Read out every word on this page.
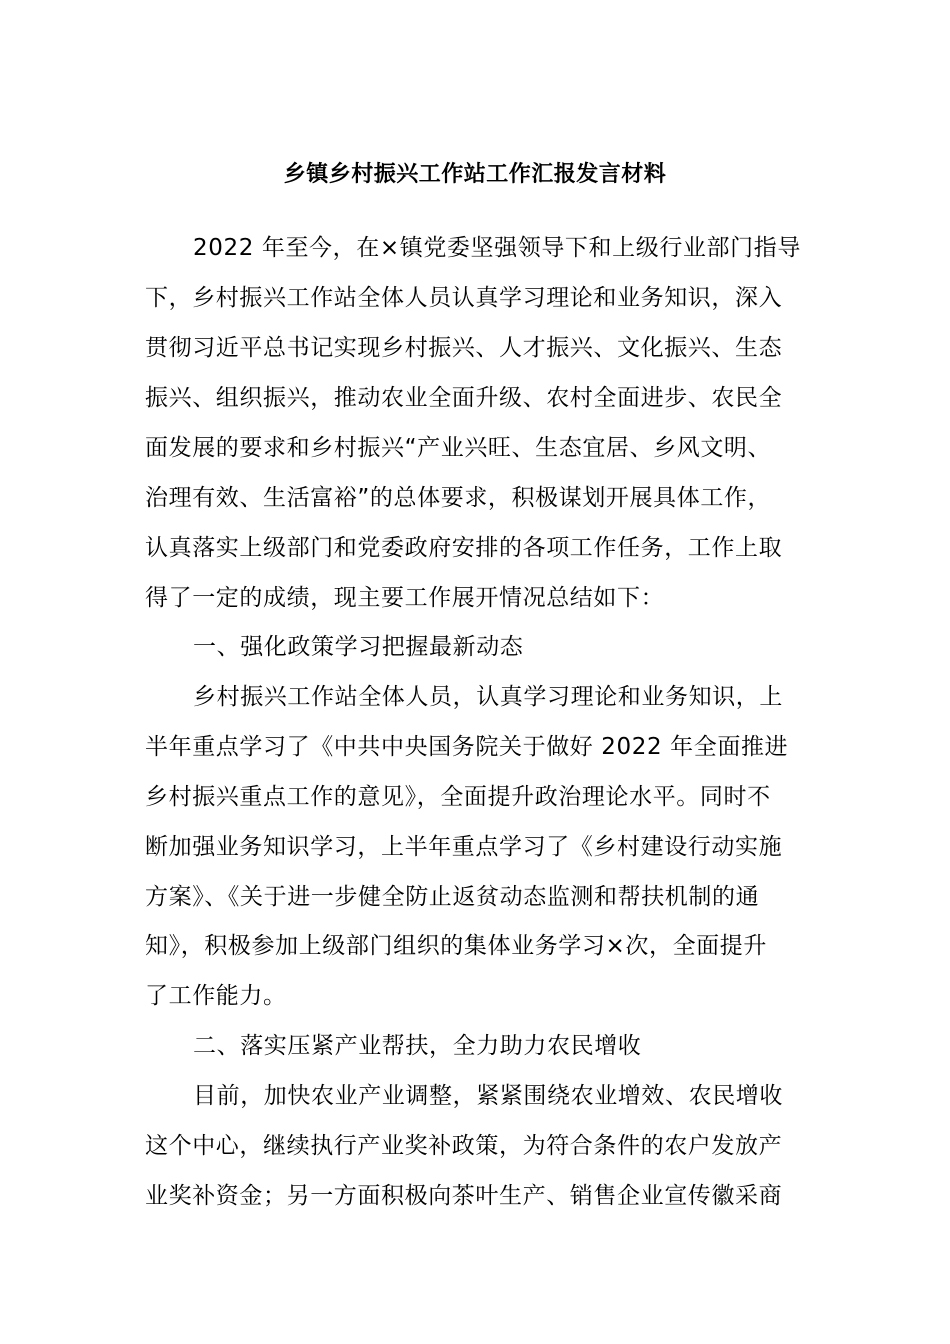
乡镇乡村振兴工作站工作汇报发言材料
2022 年至今，在×镇党委坚强领导下和上级行业部门指导
下，乡村振兴工作站全体人员认真学习理论和业务知识，深入
贯彻习近平总书记实现乡村振兴、人才振兴、文化振兴、生态
振兴、组织振兴，推动农业全面升级、农村全面进步、农民全
面发展的要求和乡村振兴“产业兴旺、生态宜居、乡风文明、
治理有效、生活富裕”的总体要求，积极谋划开展具体工作，
认真落实上级部门和党委政府安排的各项工作任务，工作上取
得了一定的成绩，现主要工作展开情况总结如下：
一、强化政策学习把握最新动态
乡村振兴工作站全体人员，认真学习理论和业务知识，上
半年重点学习了《中共中央国务院关于做好 2022 年全面推进
乡村振兴重点工作的意见》，全面提升政治理论水平。同时不
断加强业务知识学习，上半年重点学习了《乡村建设行动实施
方案》、《关于进一步健全防止返贫动态监测和帮扶机制的通
知》，积极参加上级部门组织的集体业务学习×次，全面提升
了工作能力。
二、落实压紧产业帮扶，全力助力农民增收
目前，加快农业产业调整，紧紧围绕农业增效、农民增收
这个中心，继续执行产业奖补政策，为符合条件的农户发放产
业奖补资金；另一方面积极向茶叶生产、销售企业宣传徽采商
